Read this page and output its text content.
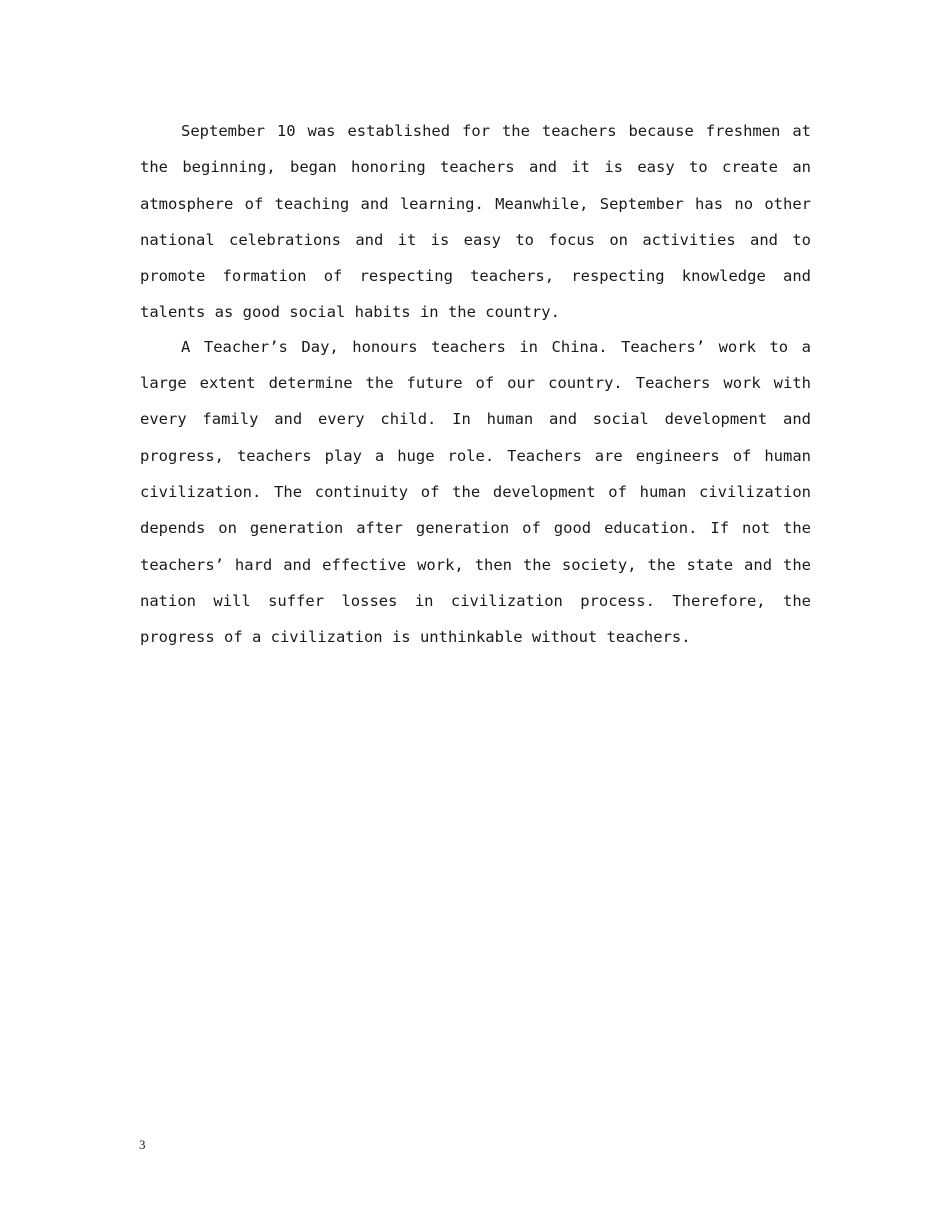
September 10 was established for the teachers because freshmen at the beginning, began honoring teachers and it is easy to create an atmosphere of teaching and learning. Meanwhile, September has no other national celebrations and it is easy to focus on activities and to promote formation of respecting teachers, respecting knowledge and talents as good social habits in the country.

A Teacher’s Day, honours teachers in China. Teachers’ work to a large extent determine the future of our country. Teachers work with every family and every child. In human and social development and progress, teachers play a huge role. Teachers are engineers of human civilization. The continuity of the development of human civilization depends on generation after generation of good education. If not the teachers’ hard and effective work, then the society, the state and the nation will suffer losses in civilization process. Therefore, the progress of a civilization is unthinkable without teachers.

3
